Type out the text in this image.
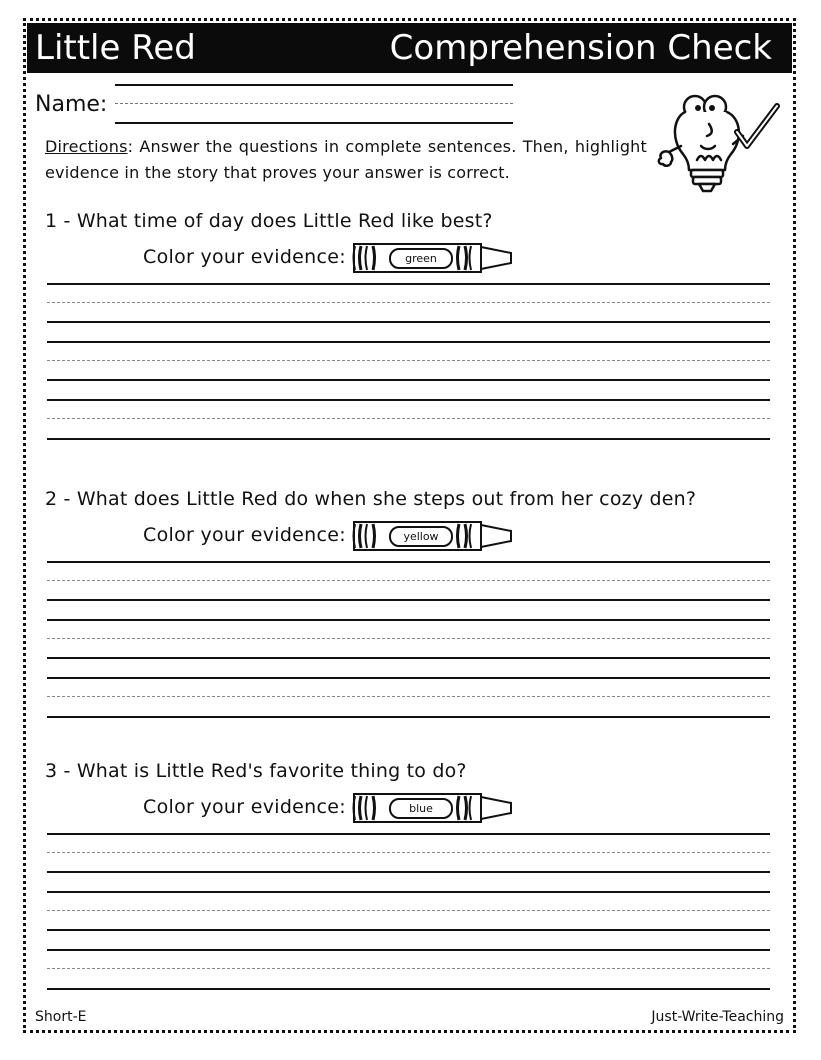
Little Red	Comprehension Check
Name:
Directions: Answer the questions in complete sentences. Then, highlight evidence in the story that proves your answer is correct.
1 - What time of day does Little Red like best?
Color your evidence:	green
2 - What does Little Red do when she steps out from her cozy den?
Color your evidence:	yellow
3 - What is Little Red's favorite thing to do?
Color your evidence:	blue
Short-E	Just-Write-Teaching
